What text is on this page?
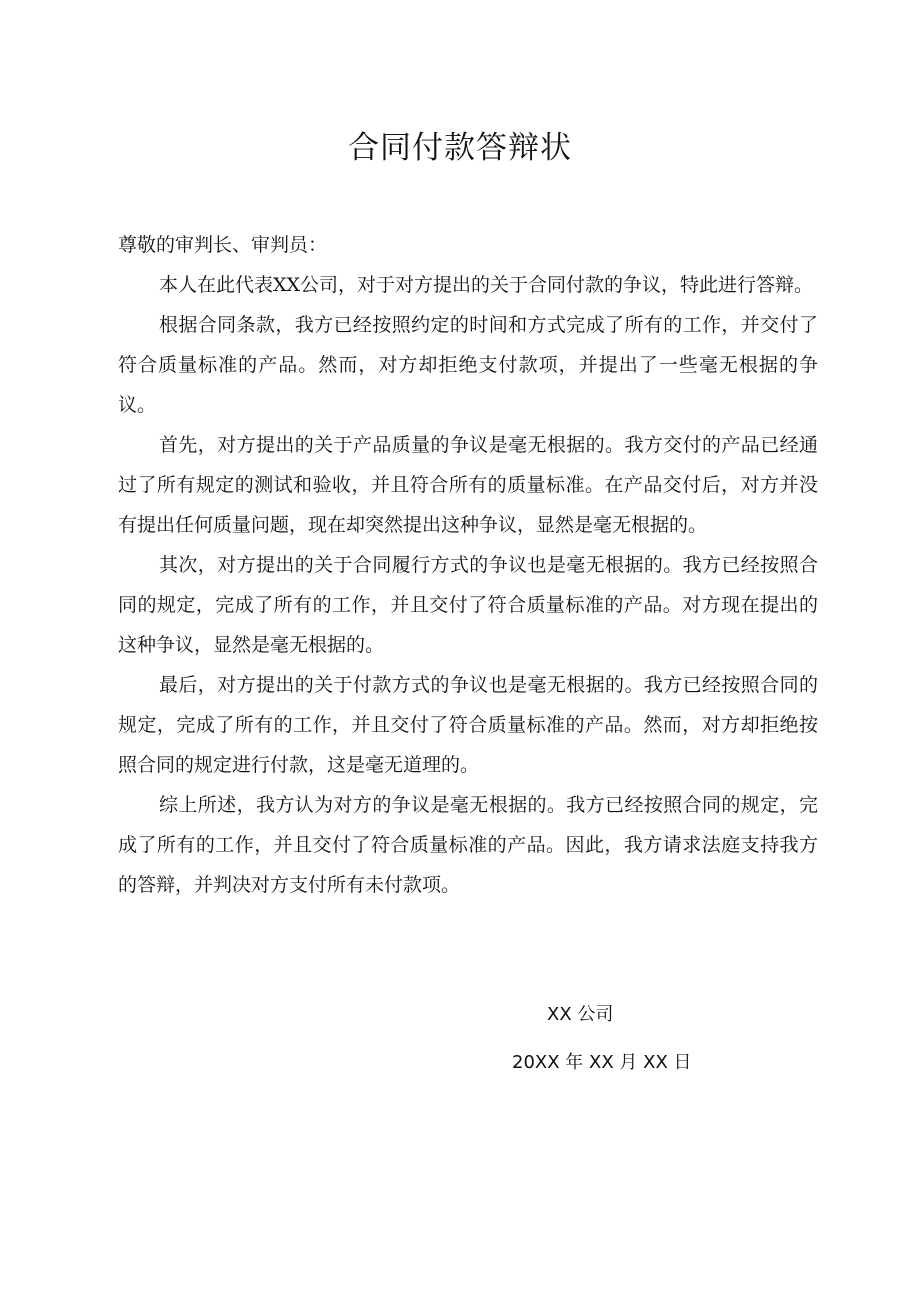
合同付款答辩状

尊敬的审判长、审判员：

本人在此代表XX公司，对于对方提出的关于合同付款的争议，特此进行答辩。

根据合同条款，我方已经按照约定的时间和方式完成了所有的工作，并交付了符合质量标准的产品。然而，对方却拒绝支付款项，并提出了一些毫无根据的争议。

首先，对方提出的关于产品质量的争议是毫无根据的。我方交付的产品已经通过了所有规定的测试和验收，并且符合所有的质量标准。在产品交付后，对方并没有提出任何质量问题，现在却突然提出这种争议，显然是毫无根据的。

其次，对方提出的关于合同履行方式的争议也是毫无根据的。我方已经按照合同的规定，完成了所有的工作，并且交付了符合质量标准的产品。对方现在提出的这种争议，显然是毫无根据的。

最后，对方提出的关于付款方式的争议也是毫无根据的。我方已经按照合同的规定，完成了所有的工作，并且交付了符合质量标准的产品。然而，对方却拒绝按照合同的规定进行付款，这是毫无道理的。

综上所述，我方认为对方的争议是毫无根据的。我方已经按照合同的规定，完成了所有的工作，并且交付了符合质量标准的产品。因此，我方请求法庭支持我方的答辩，并判决对方支付所有未付款项。

XX 公司
20XX 年 XX 月 XX 日
